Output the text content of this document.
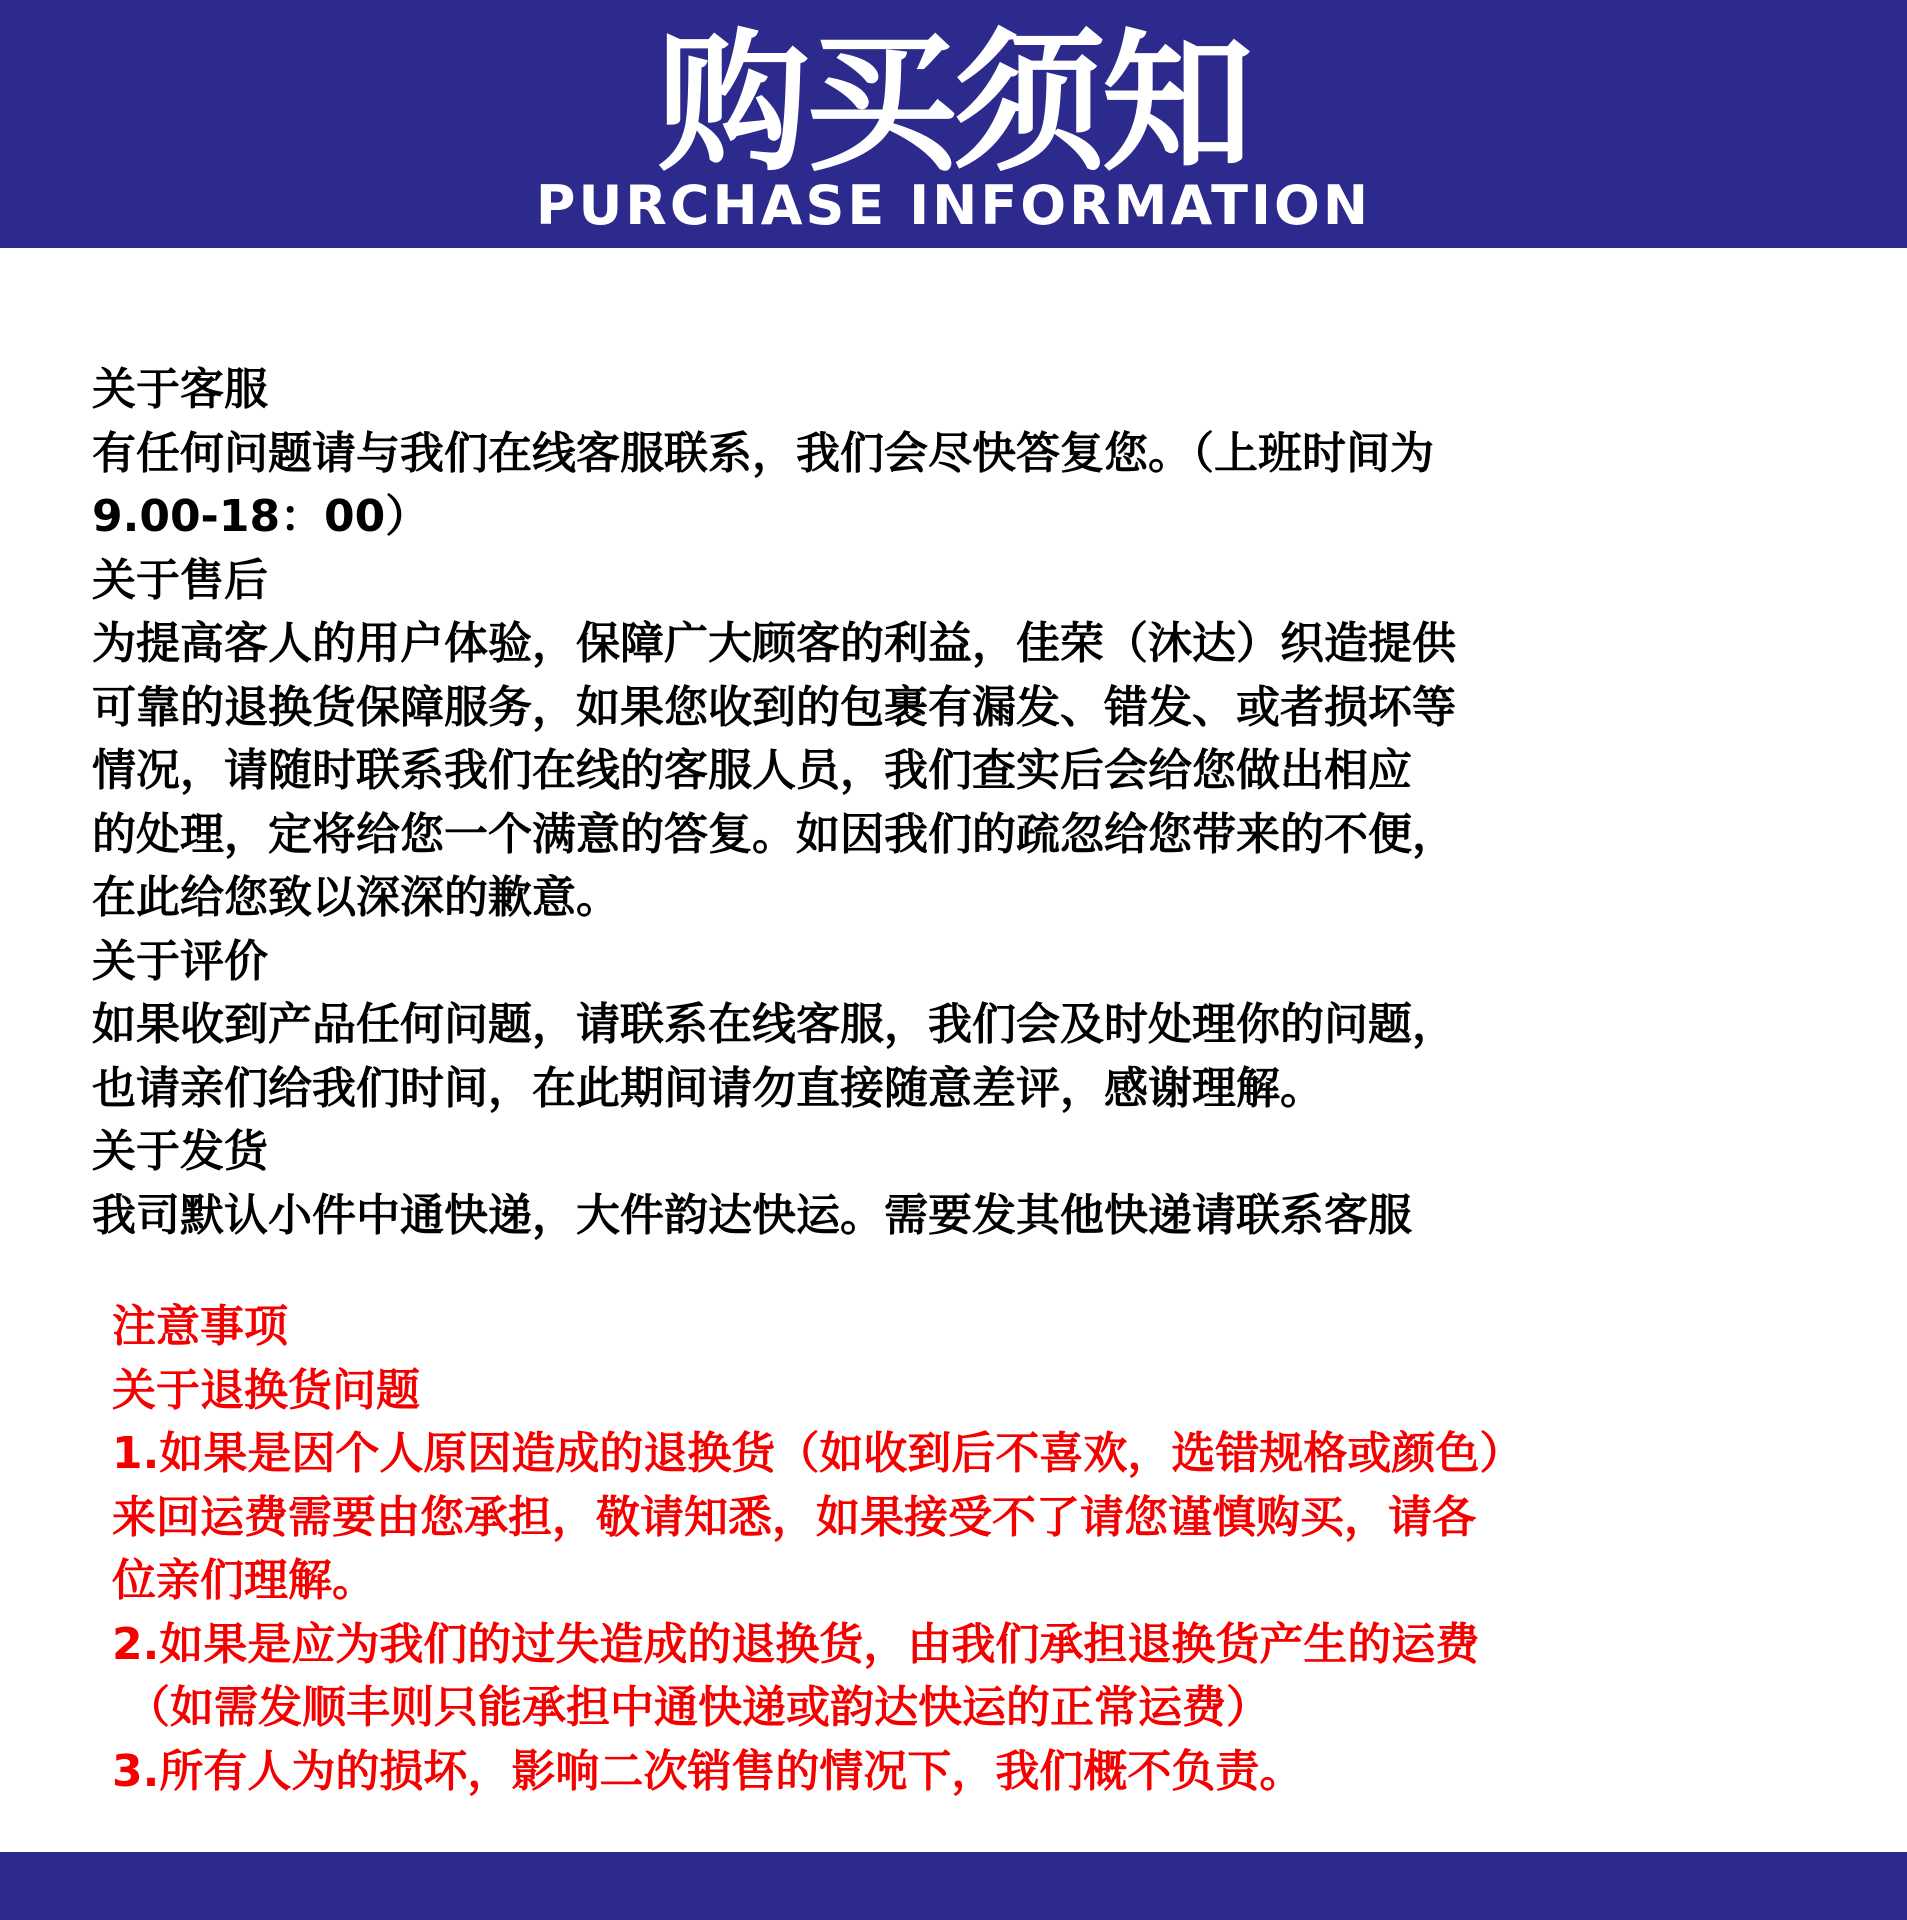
购买须知
PURCHASE INFORMATION

关于客服

有任何问题请与我们在线客服联系，我们会尽快答复您。（上班时间为

9.00-18：00）

关于售后

为提高客人的用户体验，保障广大顾客的利益，佳荣（沐达）织造提供

可靠的退换货保障服务，如果您收到的包裹有漏发、错发、或者损坏等

情况，请随时联系我们在线的客服人员，我们查实后会给您做出相应

的处理，定将给您一个满意的答复。如因我们的疏忽给您带来的不便，

在此给您致以深深的歉意。

关于评价

如果收到产品任何问题，请联系在线客服，我们会及时处理你的问题，

也请亲们给我们时间，在此期间请勿直接随意差评，感谢理解。

关于发货

我司默认小件中通快递，大件韵达快运。需要发其他快递请联系客服

注意事项

关于退换货问题

1.如果是因个人原因造成的退换货（如收到后不喜欢，选错规格或颜色）

来回运费需要由您承担，敬请知悉，如果接受不了请您谨慎购买，请各

位亲们理解。

2.如果是应为我们的过失造成的退换货，由我们承担退换货产生的运费

（如需发顺丰则只能承担中通快递或韵达快运的正常运费）

3.所有人为的损坏，影响二次销售的情况下，我们概不负责。
